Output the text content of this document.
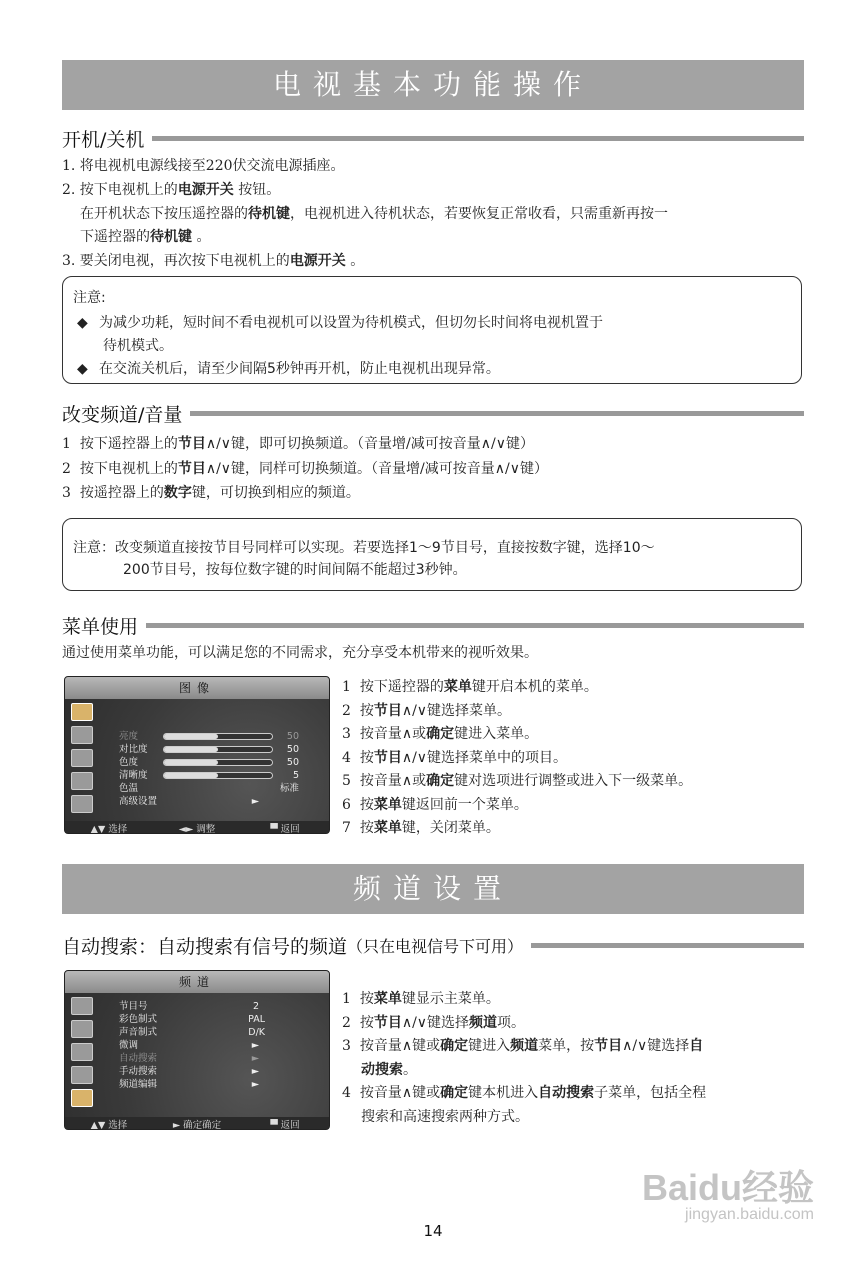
电视基本功能操作
开机/关机
1. 将电视机电源线接至220伏交流电源插座。
2. 按下电视机上的电源开关 按钮。
在开机状态下按压遥控器的待机键，电视机进入待机状态，若要恢复正常收看，只需重新再按一
下遥控器的待机键 。
3. 要关闭电视，再次按下电视机上的电源开关 。
注意:
◆ 为减少功耗，短时间不看电视机可以设置为待机模式，但切勿长时间将电视机置于
待机模式。
◆ 在交流关机后，请至少间隔5秒钟再开机，防止电视机出现异常。
改变频道/音量
1 按下遥控器上的节目∧/∨键，即可切换频道。（音量增/减可按音量∧/∨键）
2 按下电视机上的节目∧/∨键，同样可切换频道。（音量增/减可按音量∧/∨键）
3 按遥控器上的数字键，可切换到相应的频道。
注意：改变频道直接按节目号同样可以实现。若要选择1～9节目号，直接按数字键，选择10～
200节目号，按每位数字键的时间间隔不能超过3秒钟。
菜单使用
通过使用菜单功能，可以满足您的不同需求，充分享受本机带来的视听效果。
图像
亮度	50
对比度	50
色度	50
清晰度	5
色温	标准
高级设置	►
▲▼ 选择	◄► 调整	▀ 返回
1 按下遥控器的菜单键开启本机的菜单。
2 按节目∧/∨键选择菜单。
3 按音量∧或确定键进入菜单。
4 按节目∧/∨键选择菜单中的项目。
5 按音量∧或确定键对选项进行调整或进入下一级菜单。
6 按菜单键返回前一个菜单。
7 按菜单键，关闭菜单。
频道设置
自动搜索：自动搜索有信号的频道 （只在电视信号下可用）
频道
节目号	2
彩色制式	PAL
声音制式	D/K
微调	►
自动搜索	►
手动搜索	►
频道编辑	►
▲▼ 选择	► 确定确定	▀ 返回
1 按菜单键显示主菜单。
2 按节目∧/∨键选择频道项。
3 按音量∧键或确定键进入频道菜单，按节目∧/∨键选择自
动搜索。
4 按音量∧键或确定键本机进入自动搜索子菜单，包括全程
搜索和高速搜索两种方式。
Baidu经验
jingyan.baidu.com
14
